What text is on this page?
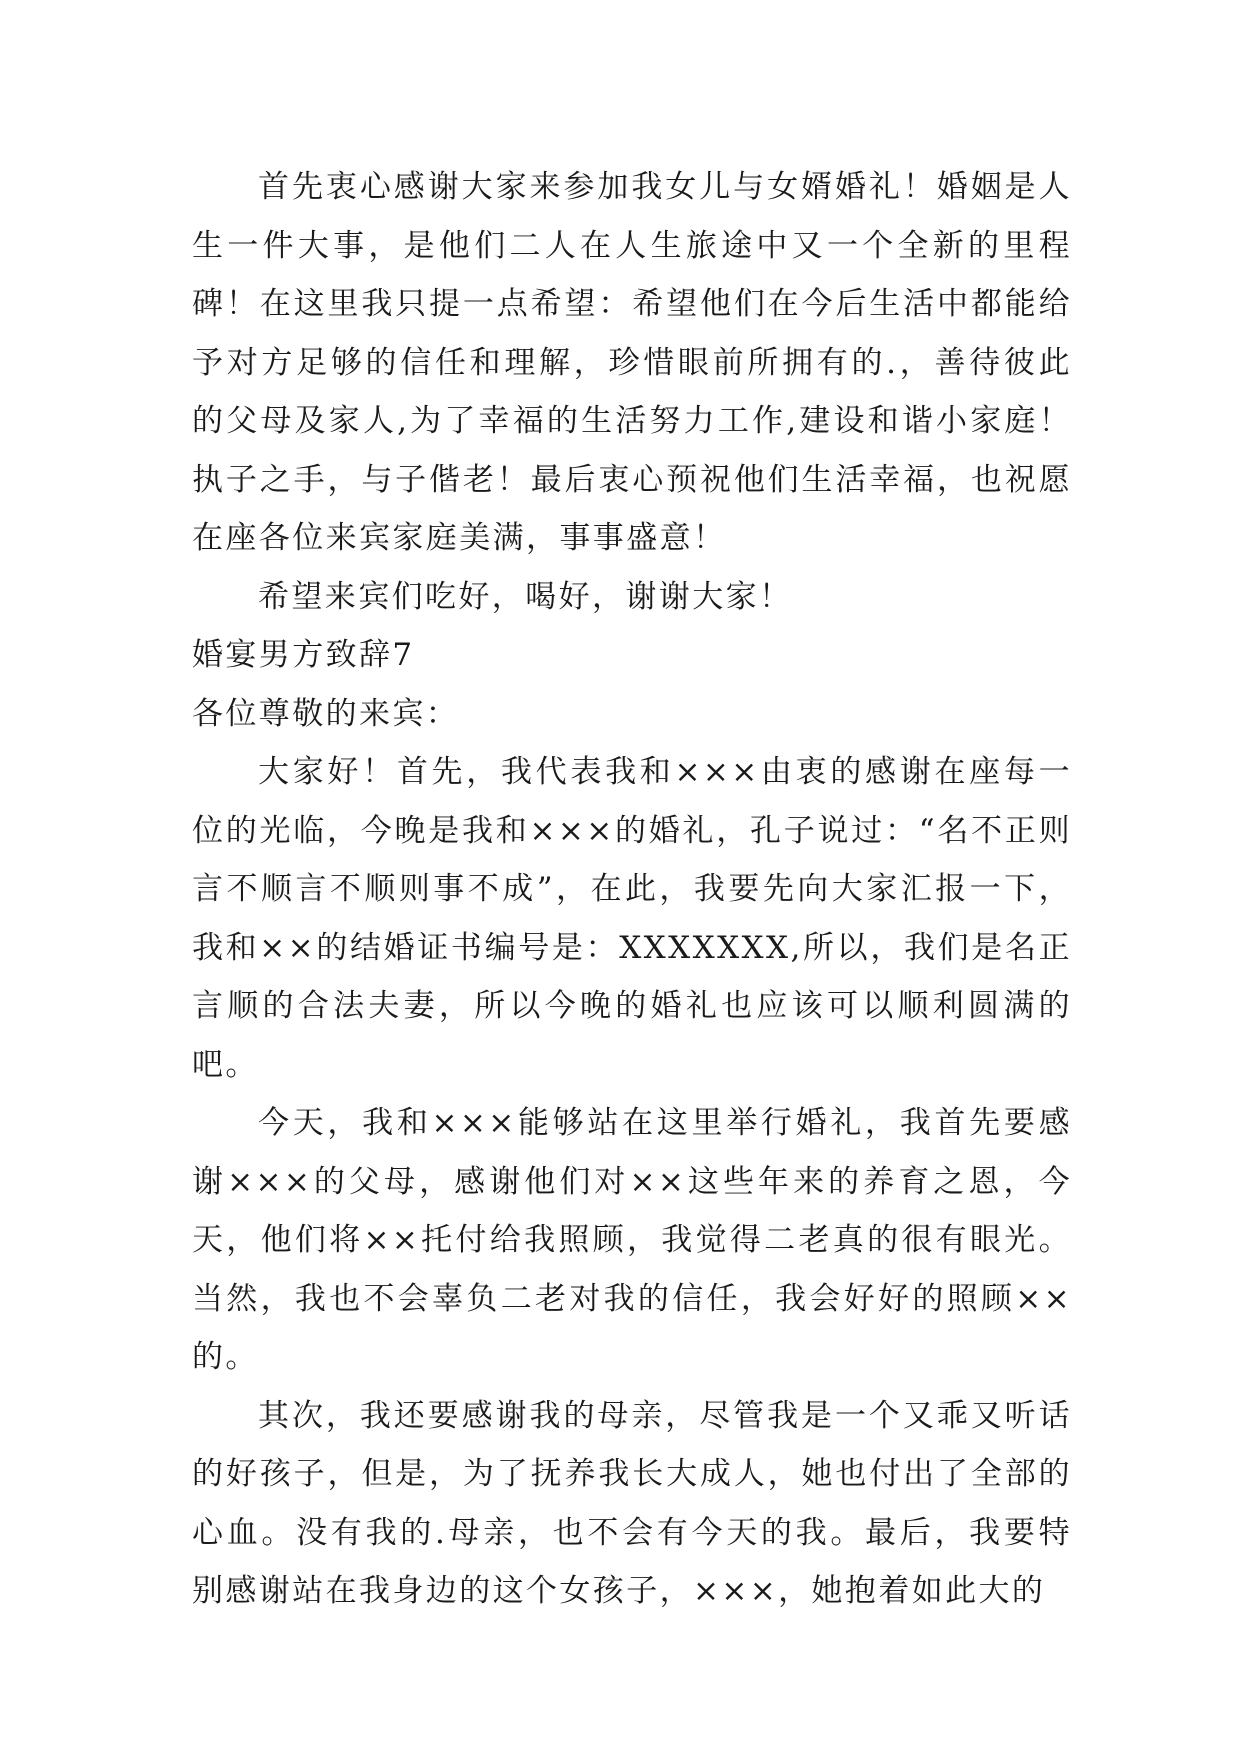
首先衷心感谢大家来参加我女儿与女婿婚礼！婚姻是人生一件大事，是他们二人在人生旅途中又一个全新的里程碑！在这里我只提一点希望：希望他们在今后生活中都能给予对方足够的信任和理解，珍惜眼前所拥有的.，善待彼此的父母及家人,为了幸福的生活努力工作,建设和谐小家庭！执子之手，与子偕老！最后衷心预祝他们生活幸福，也祝愿在座各位来宾家庭美满，事事盛意！

希望来宾们吃好，喝好，谢谢大家！

婚宴男方致辞7

各位尊敬的来宾：

大家好！首先，我代表我和×××由衷的感谢在座每一位的光临，今晚是我和×××的婚礼，孔子说过：“名不正则言不顺言不顺则事不成”，在此，我要先向大家汇报一下，我和××的结婚证书编号是：XXXXXXX,所以，我们是名正言顺的合法夫妻，所以今晚的婚礼也应该可以顺利圆满的吧。

今天，我和×××能够站在这里举行婚礼，我首先要感谢×××的父母，感谢他们对××这些年来的养育之恩，今天，他们将××托付给我照顾，我觉得二老真的很有眼光。当然，我也不会辜负二老对我的信任，我会好好的照顾××的。

其次，我还要感谢我的母亲，尽管我是一个又乖又听话的好孩子，但是，为了抚养我长大成人，她也付出了全部的心血。没有我的.母亲，也不会有今天的我。最后，我要特别感谢站在我身边的这个女孩子，×××，她抱着如此大的
